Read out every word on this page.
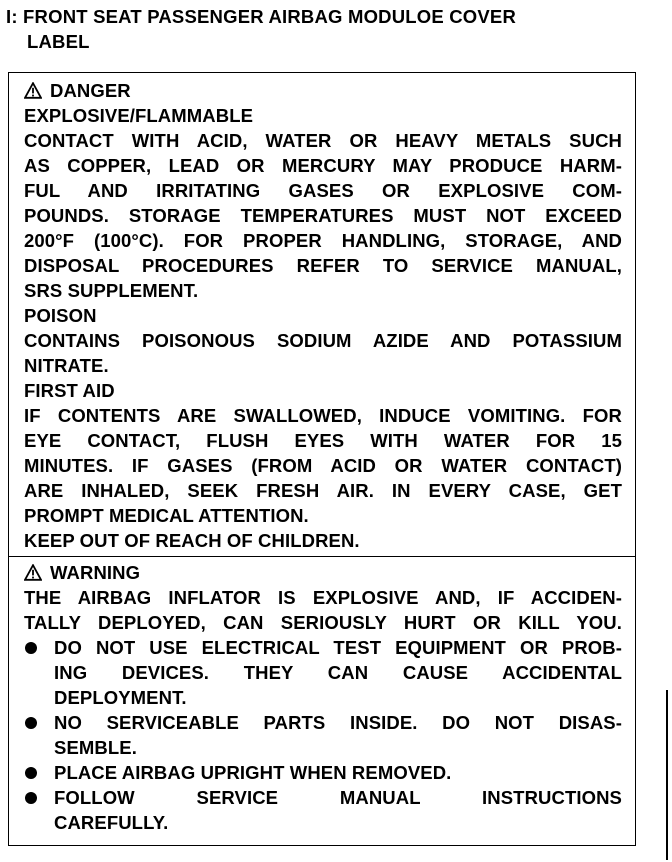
I: FRONT SEAT PASSENGER AIRBAG MODULOE COVER
LABEL
DANGER
EXPLOSIVE/FLAMMABLE
CONTACT WITH ACID, WATER OR HEAVY METALS SUCH
AS COPPER, LEAD OR MERCURY MAY PRODUCE HARM-
FUL AND IRRITATING GASES OR EXPLOSIVE COM-
POUNDS. STORAGE TEMPERATURES MUST NOT EXCEED
200°F (100°C). FOR PROPER HANDLING, STORAGE, AND
DISPOSAL PROCEDURES REFER TO SERVICE MANUAL,
SRS SUPPLEMENT.
POISON
CONTAINS POISONOUS SODIUM AZIDE AND POTASSIUM
NITRATE.
FIRST AID
IF CONTENTS ARE SWALLOWED, INDUCE VOMITING. FOR
EYE CONTACT, FLUSH EYES WITH WATER FOR 15
MINUTES. IF GASES (FROM ACID OR WATER CONTACT)
ARE INHALED, SEEK FRESH AIR. IN EVERY CASE, GET
PROMPT MEDICAL ATTENTION.
KEEP OUT OF REACH OF CHILDREN.
WARNING
THE AIRBAG INFLATOR IS EXPLOSIVE AND, IF ACCIDEN-
TALLY DEPLOYED, CAN SERIOUSLY HURT OR KILL YOU.
DO NOT USE ELECTRICAL TEST EQUIPMENT OR PROB-
ING DEVICES. THEY CAN CAUSE ACCIDENTAL
DEPLOYMENT.
NO SERVICEABLE PARTS INSIDE. DO NOT DISAS-
SEMBLE.
PLACE AIRBAG UPRIGHT WHEN REMOVED.
FOLLOW SERVICE MANUAL INSTRUCTIONS
CAREFULLY.
